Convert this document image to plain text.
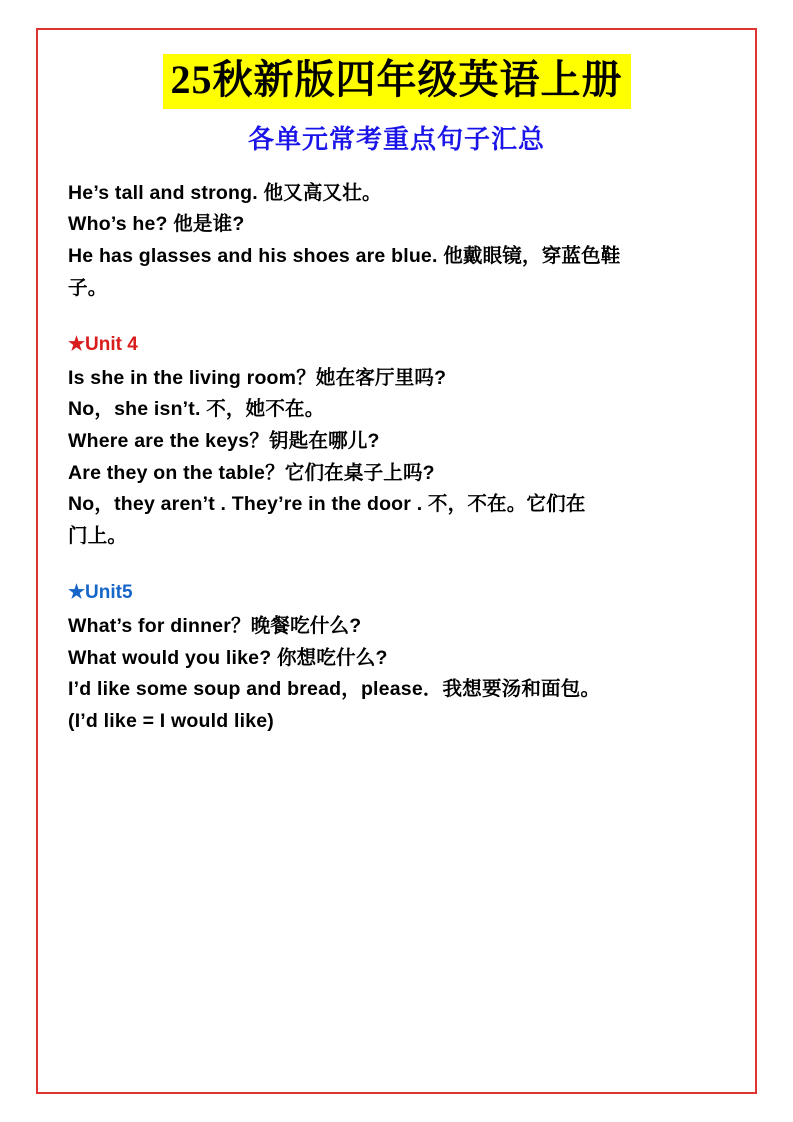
25秋新版四年级英语上册
各单元常考重点句子汇总
He’s tall and strong. 他又高又壮。
Who’s he? 他是谁?
He has glasses and his shoes are blue. 他戴眼镜，穿蓝色鞋
子。
★Unit 4
Is she in the living room？她在客厅里吗?
No，she isn’t. 不，她不在。
Where are the keys？钥匙在哪儿?
Are they on the table？它们在桌子上吗?
No，they aren’t . They’re in the door . 不，不在。它们在
门上。
★Unit5
What’s for dinner？晚餐吃什么?
What would you like? 你想吃什么?
I’d like some soup and bread，please．我想要汤和面包。
(I’d like = I would like)
